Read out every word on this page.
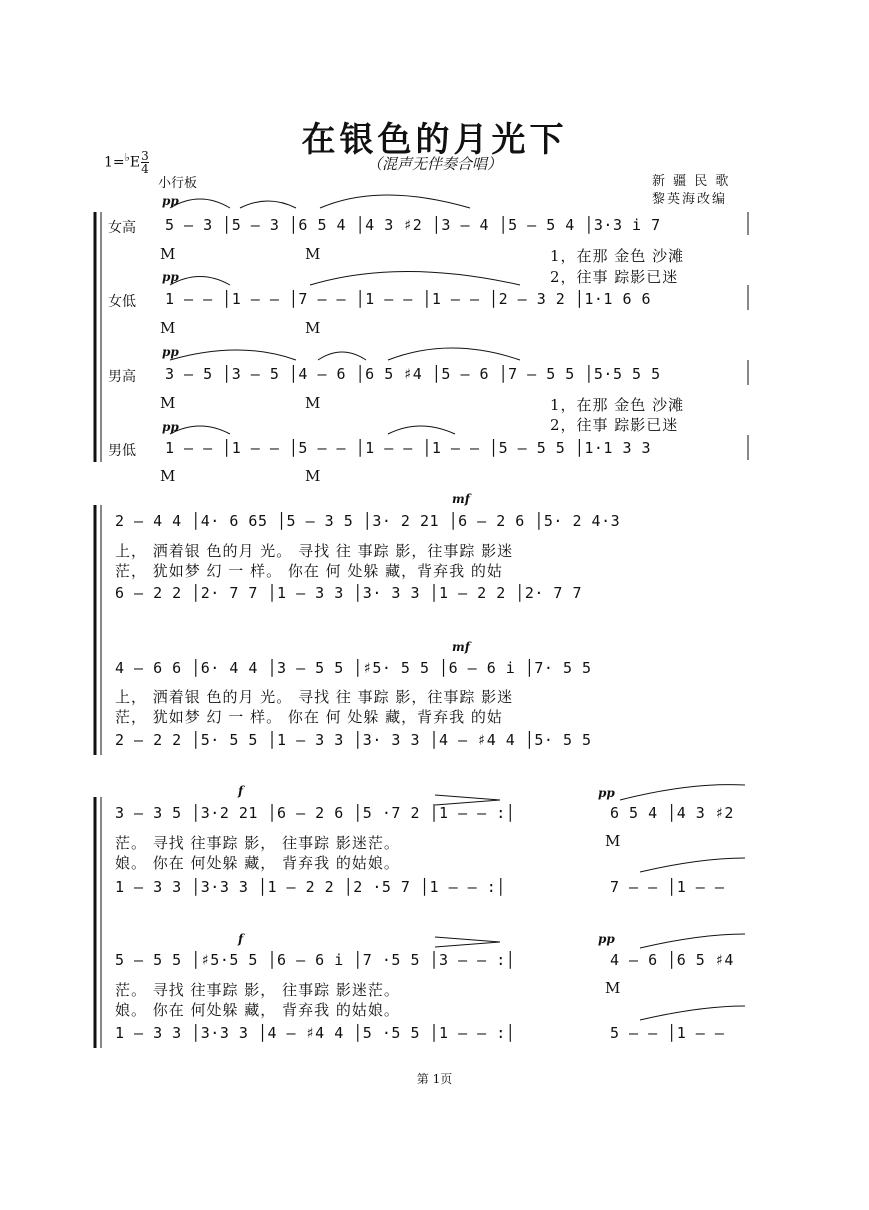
在银色的月光下
（混声无伴奏合唱）
$1=^♭E \frac{3}{4}$
小行板	新 疆 民 歌
黎英海改编
pp
女高 5 – 3 │5 – 3 │6 5 4 │4 3 ♯2 │3 – 4 │5 – 5 4 │3·3 i 7
M	M	1，在那 金色 沙滩
2，往事 踪影已迷
pp
女低 1 – – │1 – – │7 – – │1 – – │1 – – │2 – 3 2 │1·1 6 6
M	M
pp
男高 3 – 5 │3 – 5 │4 – 6 │6 5 ♯4 │5 – 6 │7 – 5 5 │5·5 5 5
M	M	1，在那 金色 沙滩
2，往事 踪影已迷
pp
男低 1 – – │1 – – │5 – – │1 – – │1 – – │5 – 5 5 │1·1 3 3
M	M
mf
2 – 4 4 │4· 6 65 │5 – 3 5 │3· 2 21 │6 – 2 6 │5· 2 4·3
上， 洒着银 色的月 光。 寻找 往 事踪 影，往事踪 影迷
茫， 犹如梦 幻 一 样。 你在 何 处躲 藏，背弃我 的姑
6 – 2 2 │2· 7 7 │1 – 3 3 │3· 3 3 │1 – 2 2 │2· 7 7
mf
4 – 6 6 │6· 4 4 │3 – 5 5 │♯5· 5 5 │6 – 6 i │7· 5 5
上， 洒着银 色的月 光。 寻找 往 事踪 影，往事踪 影迷
茫， 犹如梦 幻 一 样。 你在 何 处躲 藏，背弃我 的姑
2 – 2 2 │5· 5 5 │1 – 3 3 │3· 3 3 │4 – ♯4 4 │5· 5 5
f	pp
3 – 3 5 │3·2 21 │6 – 2 6 │5 ·7 2 │1 – – :│	6 5 4 │4 3 ♯2
茫。 寻找 往事踪 影， 往事踪 影迷茫。	M
娘。 你在 何处躲 藏， 背弃我 的姑娘。
1 – 3 3 │3·3 3 │1 – 2 2 │2 ·5 7 │1 – – :│	7 – – │1 – –
f	pp
5 – 5 5 │♯5·5 5 │6 – 6 i │7 ·5 5 │3 – – :│	4 – 6 │6 5 ♯4
茫。 寻找 往事踪 影， 往事踪 影迷茫。	M
娘。 你在 何处躲 藏， 背弃我 的姑娘。
1 – 3 3 │3·3 3 │4 – ♯4 4 │5 ·5 5 │1 – – :│	5 – – │1 – –
第 1页
